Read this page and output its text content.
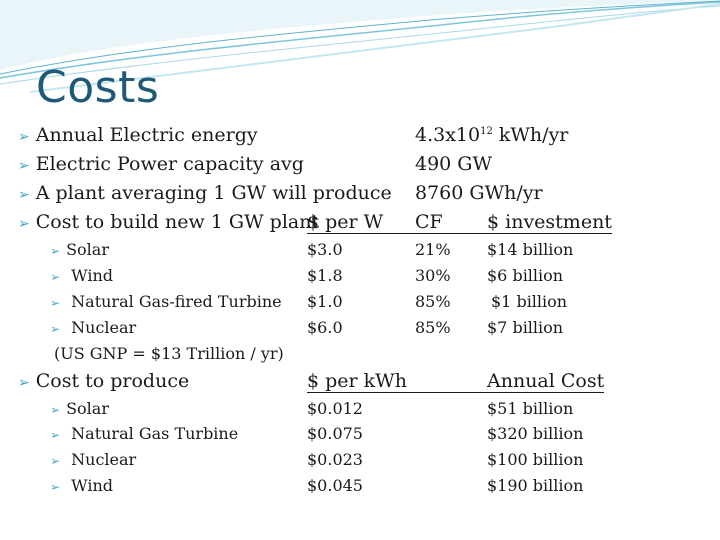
Costs
➢ Annual Electric energy	$4.3x10^{12}$ kWh/yr
➢ Electric Power capacity avg	490 GW
➢ A plant averaging 1 GW will produce 8760 GWh/yr
➢ Cost to build new 1 GW plant
$ per W	CF	$ investment
➢ Solar	$3.0	21% $14 billion
➢ Wind	$1.8	30% $6 billion
➢ Natural Gas-fired Turbine $1.0	85%	$1 billion
➢ Nuclear	$6.0	85% $7 billion
(US GNP = $13 Trillion / yr)
➢ Cost to produce	$ per kWh	Annual Cost
➢ Solar	$0.012	$51 billion
➢ Natural Gas Turbine	$0.075	$320 billion
➢ Nuclear	$0.023	$100 billion
➢ Wind	$0.045	$190 billion
